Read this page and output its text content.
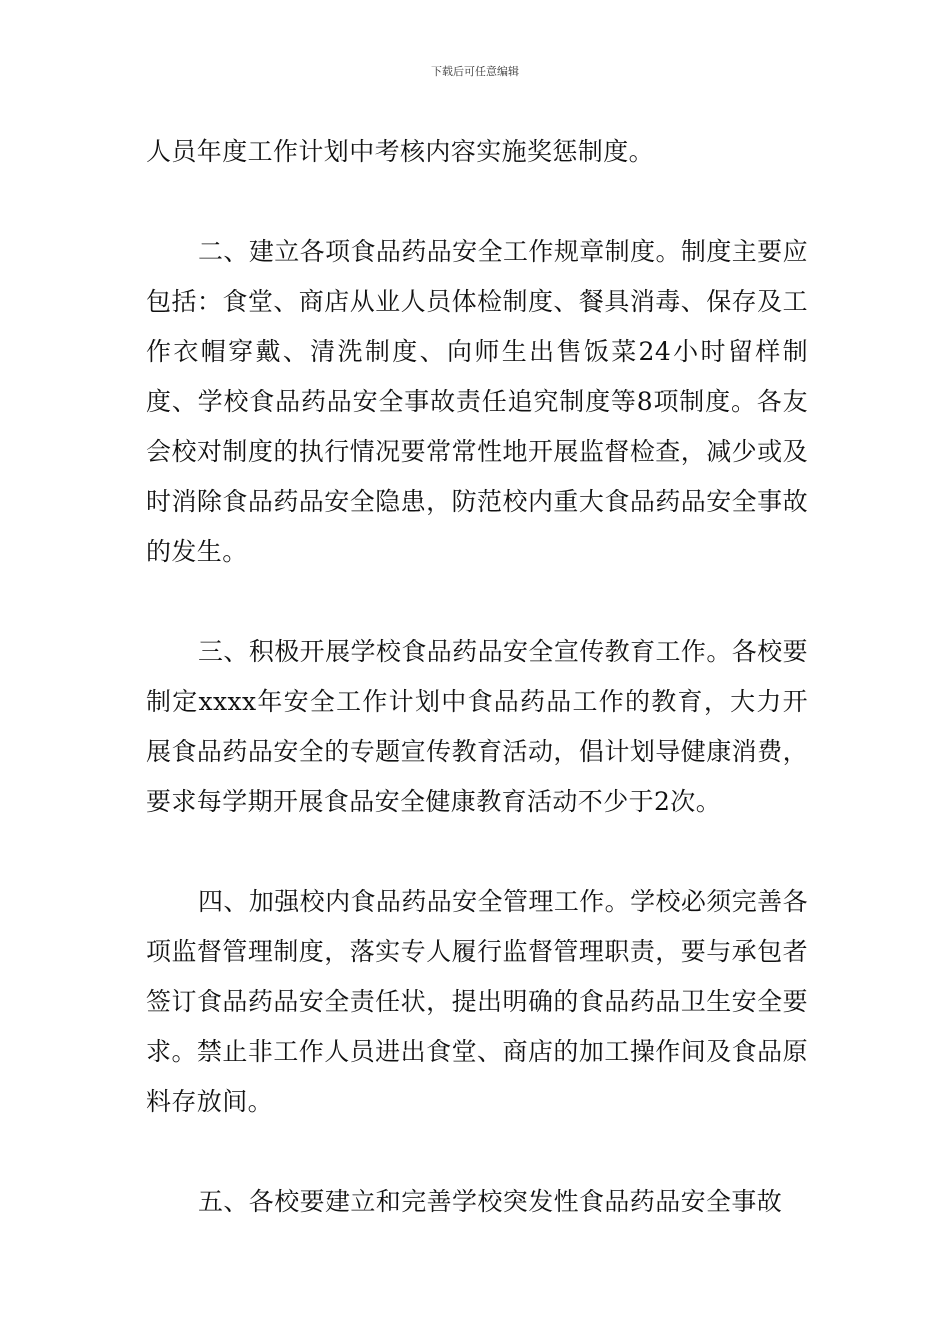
下载后可任意编辑

人员年度工作计划中考核内容实施奖惩制度。

二、建立各项食品药品安全工作规章制度。制度主要应包括：食堂、商店从业人员体检制度、餐具消毒、保存及工作衣帽穿戴、清洗制度、向师生出售饭菜24小时留样制度、学校食品药品安全事故责任追究制度等8项制度。各友会校对制度的执行情况要常常性地开展监督检查，减少或及时消除食品药品安全隐患，防范校内重大食品药品安全事故的发生。

三、积极开展学校食品药品安全宣传教育工作。各校要制定xxxx年安全工作计划中食品药品工作的教育，大力开展食品药品安全的专题宣传教育活动，倡计划导健康消费，要求每学期开展食品安全健康教育活动不少于2次。

四、加强校内食品药品安全管理工作。学校必须完善各项监督管理制度，落实专人履行监督管理职责，要与承包者签订食品药品安全责任状，提出明确的食品药品卫生安全要求。禁止非工作人员进出食堂、商店的加工操作间及食品原料存放间。

五、各校要建立和完善学校突发性食品药品安全事故
